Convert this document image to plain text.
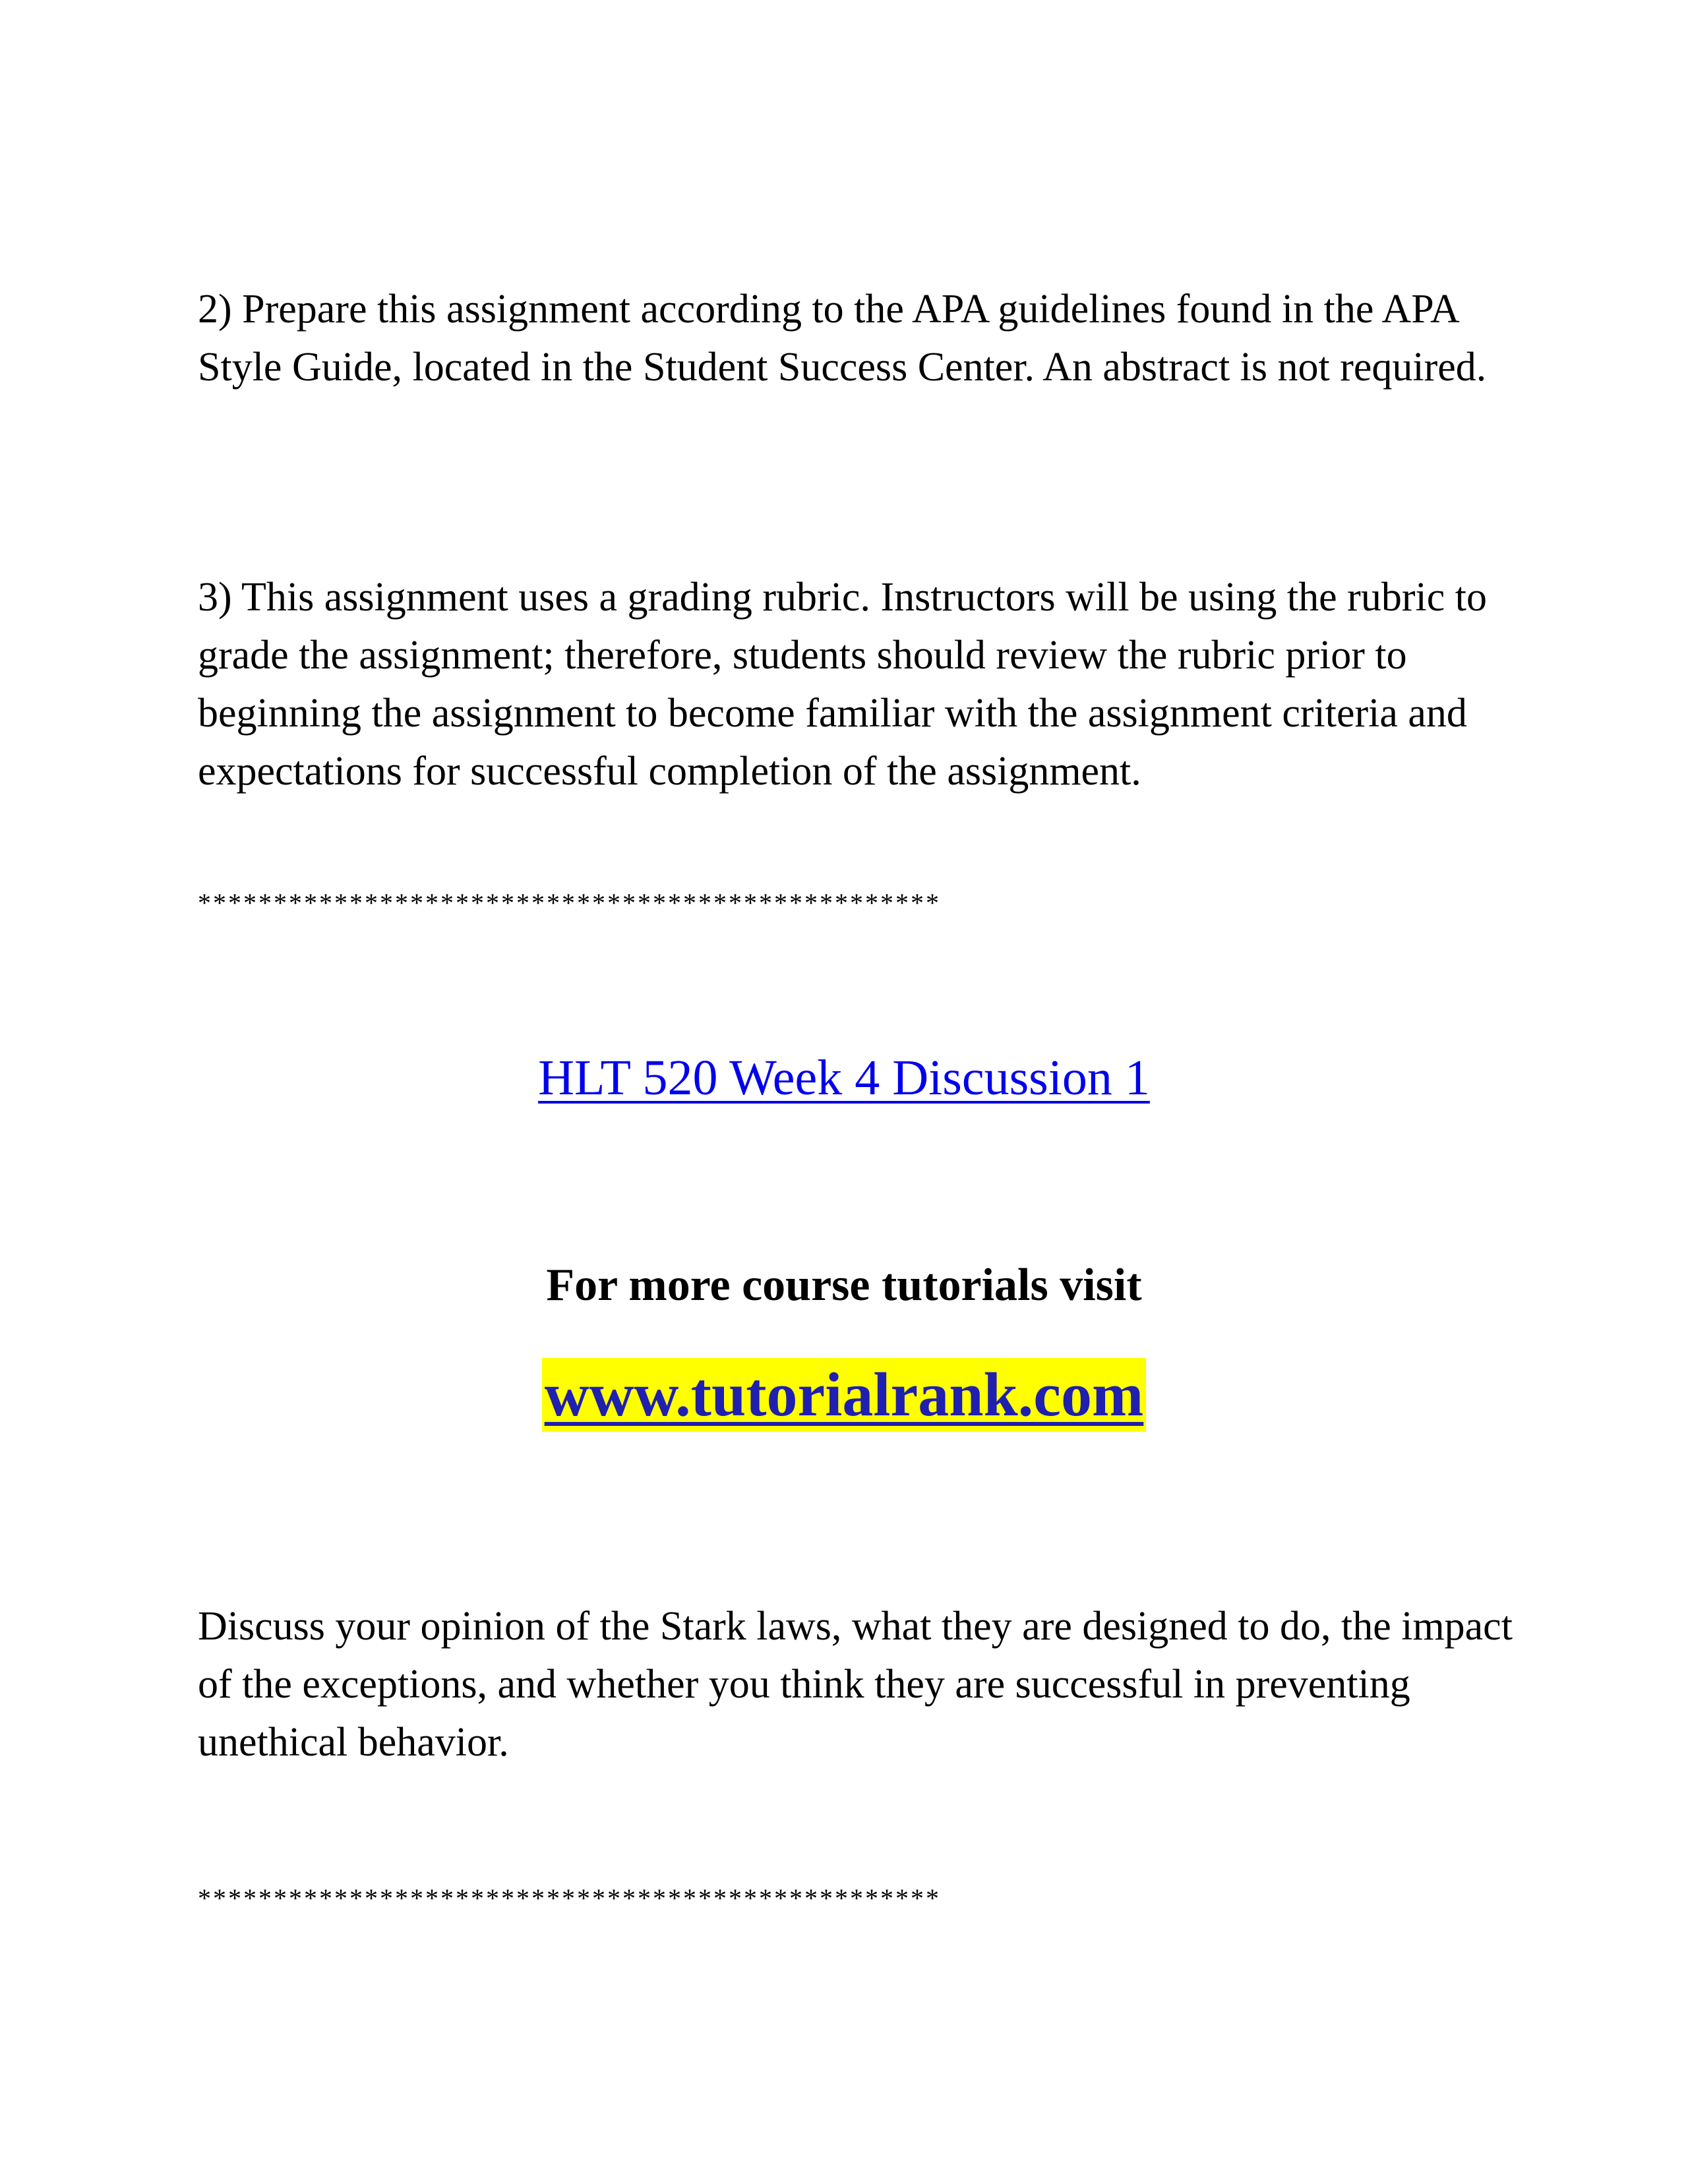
2) Prepare this assignment according to the APA guidelines found in the APA Style Guide, located in the Student Success Center. An abstract is not required.

3) This assignment uses a grading rubric. Instructors will be using the rubric to grade the assignment; therefore, students should review the rubric prior to beginning the assignment to become familiar with the assignment criteria and expectations for successful completion of the assignment.

*************************************************

HLT 520 Week 4 Discussion 1

For more course tutorials visit

www.tutorialrank.com

Discuss your opinion of the Stark laws, what they are designed to do, the impact of the exceptions, and whether you think they are successful in preventing unethical behavior.

*************************************************
